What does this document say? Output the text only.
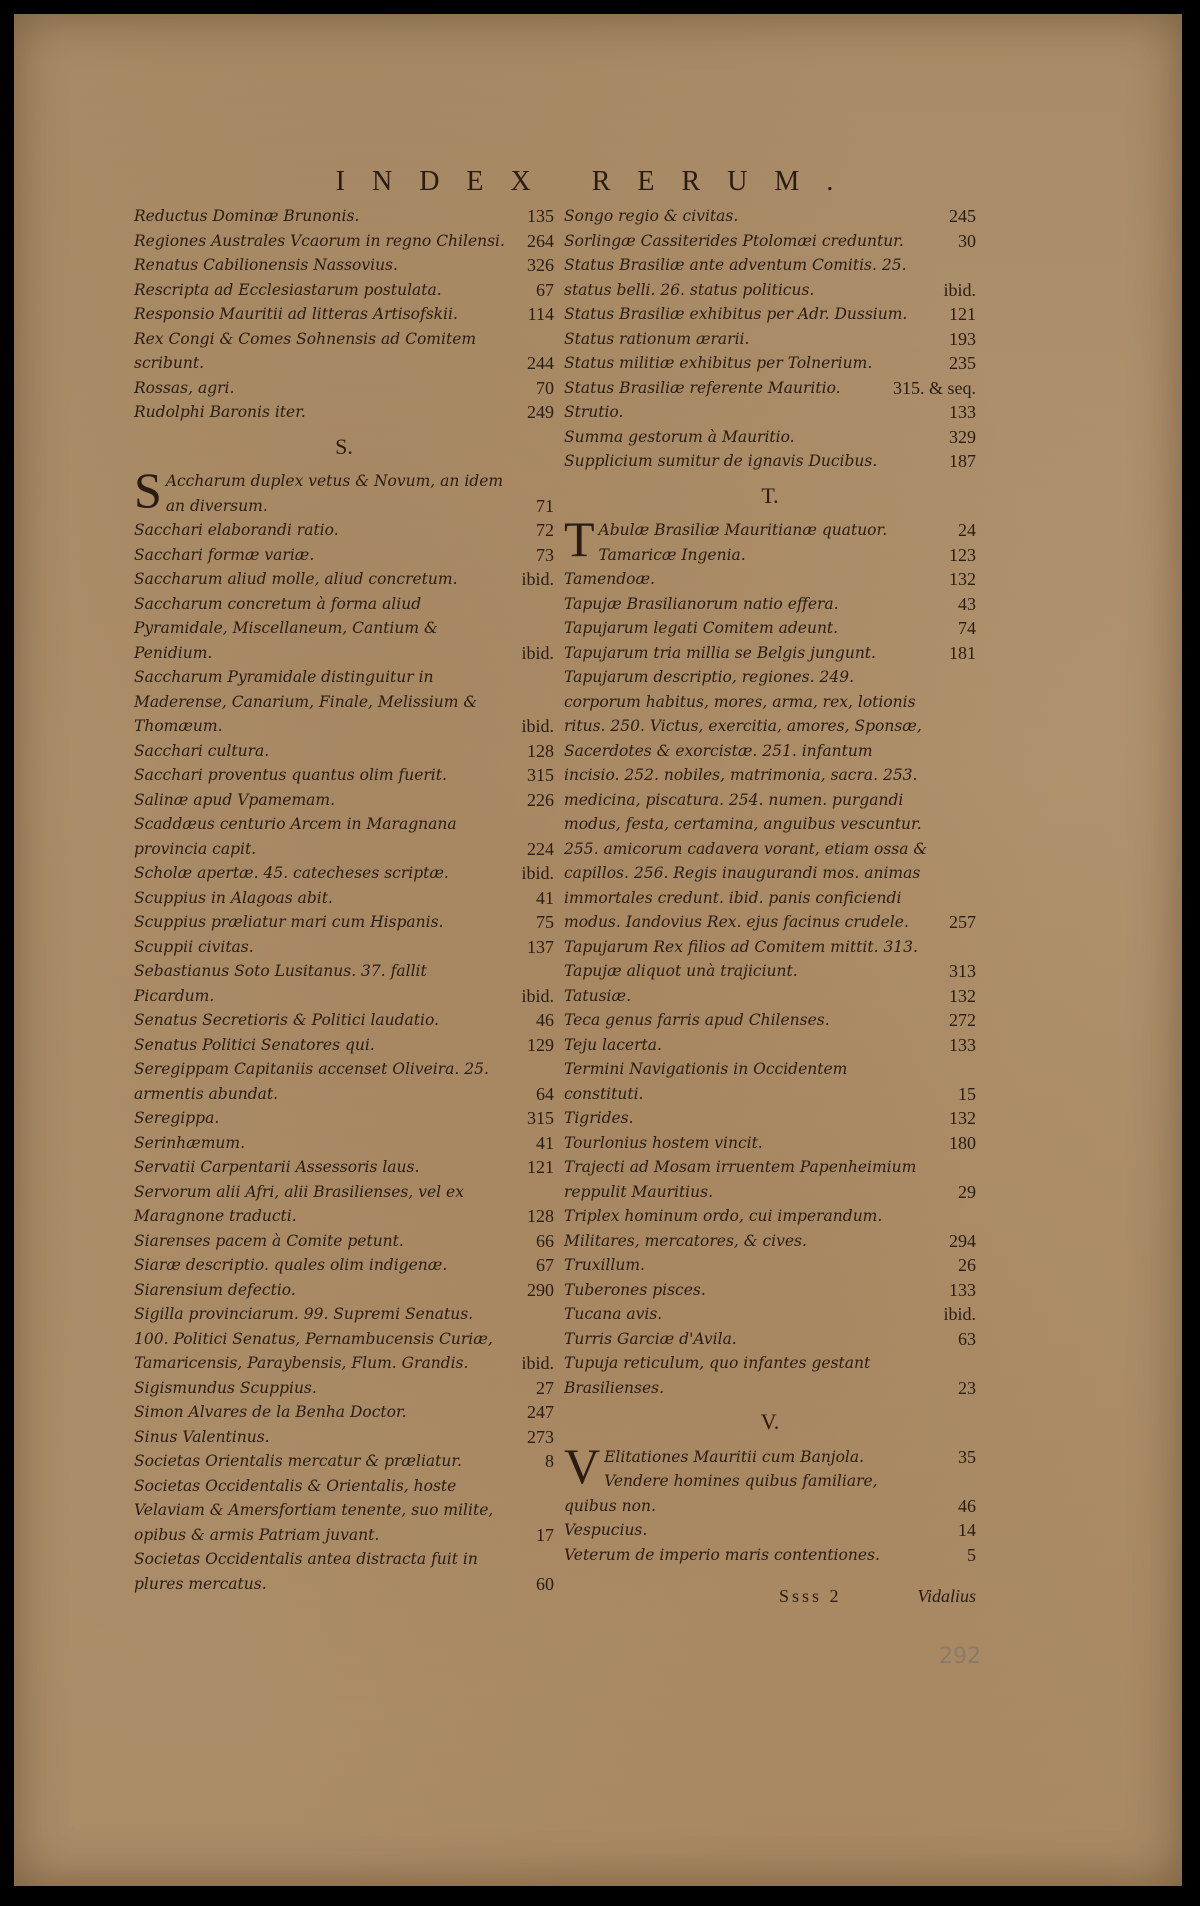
INDEX RERUM.
Reductus Dominæ Brunonis.	135
Regiones Australes Vcaorum in regno Chilensi.	264
Renatus Cabilionensis Nassovius.	326
Rescripta ad Ecclesiastarum postulata.	67
Responsio Mauritii ad litteras Artisofskii.	114
Rex Congi & Comes Sohnensis ad Comitem scribunt.	244
Rossas, agri.	70
Rudolphi Baronis iter.	249
S.
S Accharum duplex vetus & Novum, an idem an diversum.	71
Sacchari elaborandi ratio.	72
Sacchari formæ variæ.	73
Saccharum aliud molle, aliud concretum.	ibid.
Saccharum concretum à forma aliud Pyramidale, Miscellaneum, Cantium & Penidium.	ibid.
Saccharum Pyramidale distinguitur in Maderense, Canarium, Finale, Melissium & Thomæum.	ibid.
Sacchari cultura.	128
Sacchari proventus quantus olim fuerit.	315
Salinæ apud Vpamemam.	226
Scaddæus centurio Arcem in Maragnana provincia capit.	224
Scholæ apertæ. 45. catecheses scriptæ.	ibid.
Scuppius in Alagoas abit.	41
Scuppius præliatur mari cum Hispanis.	75
Scuppii civitas.	137
Sebastianus Soto Lusitanus. 37. fallit Picardum.	ibid.
Senatus Secretioris & Politici laudatio.	46
Senatus Politici Senatores qui.	129
Seregippam Capitaniis accenset Oliveira. 25. armentis abundat.	64
Seregippa.	315
Serinhæmum.	41
Servatii Carpentarii Assessoris laus.	121
Servorum alii Afri, alii Brasilienses, vel ex Maragnone traducti.	128
Siarenses pacem à Comite petunt.	66
Siaræ descriptio. quales olim indigenæ.	67
Siarensium defectio.	290
Sigilla provinciarum. 99. Supremi Senatus. 100. Politici Senatus, Pernambucensis Curiæ, Tamaricensis, Paraybensis, Flum. Grandis.	ibid.
Sigismundus Scuppius.	27
Simon Alvares de la Benha Doctor.	247
Sinus Valentinus.	273
Societas Orientalis mercatur & præliatur.	8
Societas Occidentalis & Orientalis, hoste Velaviam & Amersfortiam tenente, suo milite, opibus & armis Patriam juvant.	17
Societas Occidentalis antea distracta fuit in plures mercatus.	60
Songo regio & civitas.	245
Sorlingæ Cassiterides Ptolomæi creduntur.	30
Status Brasiliæ ante adventum Comitis. 25. status belli. 26. status politicus.	ibid.
Status Brasiliæ exhibitus per Adr. Dussium.	121
Status rationum ærarii.	193
Status militiæ exhibitus per Tolnerium.	235
Status Brasiliæ referente Mauritio.	315. & seq.
Strutio.	133
Summa gestorum à Mauritio.	329
Supplicium sumitur de ignavis Ducibus.	187
T.
T Abulæ Brasiliæ Mauritianæ quatuor.	24
Tamaricæ Ingenia.	123
Tamendoæ.	132
Tapujæ Brasilianorum natio effera.	43
Tapujarum legati Comitem adeunt.	74
Tapujarum tria millia se Belgis jungunt.	181
Tapujarum descriptio, regiones. 249. corporum habitus, mores, arma, rex, lotionis ritus. 250. Victus, exercitia, amores, Sponsæ, Sacerdotes & exorcistæ. 251. infantum incisio. 252. nobiles, matrimonia, sacra. 253. medicina, piscatura. 254. numen. purgandi modus, festa, certamina, anguibus vescuntur. 255. amicorum cadavera vorant, etiam ossa & capillos. 256. Regis inaugurandi mos. animas immortales credunt. ibid. panis conficiendi modus. Iandovius Rex. ejus facinus crudele.	257
Tapujarum Rex filios ad Comitem mittit. 313. Tapujæ aliquot unà trajiciunt.	313
Tatusiæ.	132
Teca genus farris apud Chilenses.	272
Teju lacerta.	133
Termini Navigationis in Occidentem constituti.	15
Tigrides.	132
Tourlonius hostem vincit.	180
Trajecti ad Mosam irruentem Papenheimium reppulit Mauritius.	29
Triplex hominum ordo, cui imperandum. Militares, mercatores, & cives.	294
Truxillum.	26
Tuberones pisces.	133
Tucana avis.	ibid.
Turris Garciæ d'Avila.	63
Tupuja reticulum, quo infantes gestant Brasilienses.	23
V.
V Elitationes Mauritii cum Banjola.	35
Vendere homines quibus familiare, quibus non.	46
Vespucius.	14
Veterum de imperio maris contentiones.	5
Ssss 2	Vidalius
292
